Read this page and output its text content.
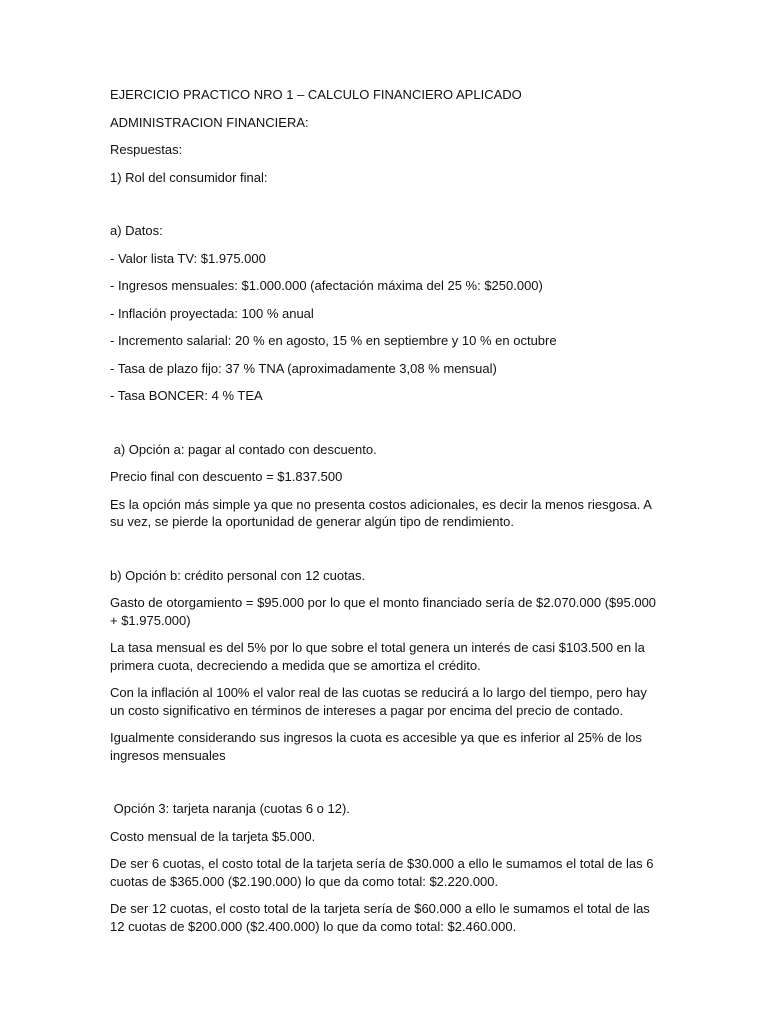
EJERCICIO PRACTICO NRO 1 – CALCULO FINANCIERO APLICADO

ADMINISTRACION FINANCIERA:

Respuestas:

1) Rol del consumidor final:

a) Datos:

- Valor lista TV: $1.975.000

- Ingresos mensuales: $1.000.000 (afectación máxima del 25 %: $250.000)

- Inflación proyectada: 100 % anual

- Incremento salarial: 20 % en agosto, 15 % en septiembre y 10 % en octubre

- Tasa de plazo fijo: 37 % TNA (aproximadamente 3,08 % mensual)

- Tasa BONCER: 4 % TEA

a) Opción a: pagar al contado con descuento.

Precio final con descuento = $1.837.500

Es la opción más simple ya que no presenta costos adicionales, es decir la menos riesgosa. A su vez, se pierde la oportunidad de generar algún tipo de rendimiento.

b) Opción b: crédito personal con 12 cuotas.

Gasto de otorgamiento = $95.000 por lo que el monto financiado sería de $2.070.000 ($95.000 + $1.975.000)

La tasa mensual es del 5% por lo que sobre el total genera un interés de casi $103.500 en la primera cuota, decreciendo a medida que se amortiza el crédito.

Con la inflación al 100% el valor real de las cuotas se reducirá a lo largo del tiempo, pero hay un costo significativo en términos de intereses a pagar por encima del precio de contado.

Igualmente considerando sus ingresos la cuota es accesible ya que es inferior al 25% de los ingresos mensuales

Opción 3: tarjeta naranja (cuotas 6 o 12).

Costo mensual de la tarjeta $5.000.

De ser 6 cuotas, el costo total de la tarjeta sería de $30.000 a ello le sumamos el total de las 6 cuotas de $365.000 ($2.190.000) lo que da como total: $2.220.000.

De ser 12 cuotas, el costo total de la tarjeta sería de $60.000 a ello le sumamos el total de las 12 cuotas de $200.000 ($2.400.000) lo que da como total: $2.460.000.
